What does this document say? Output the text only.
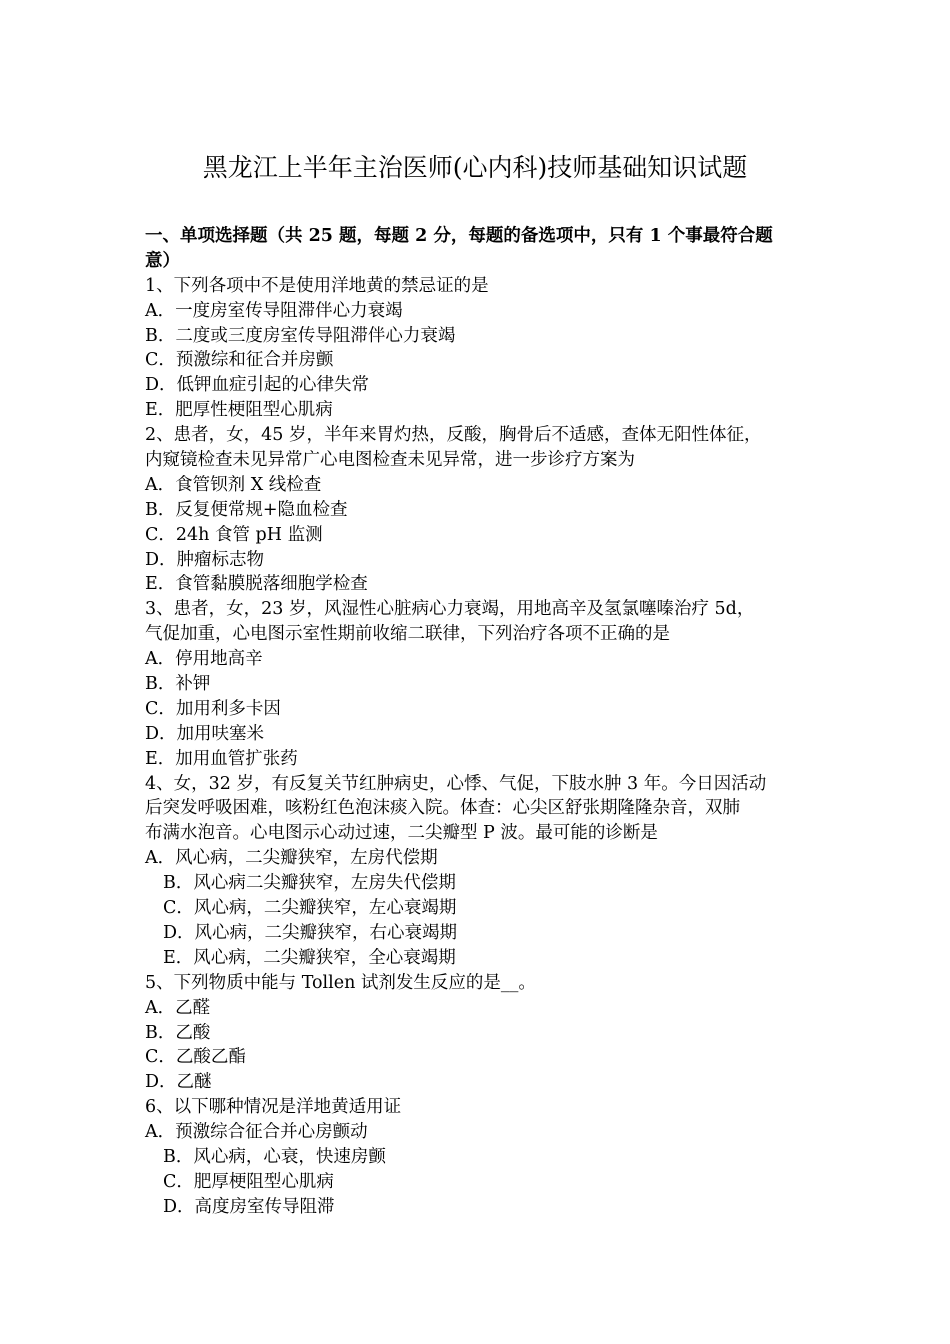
黑龙江上半年主治医师(心内科)技师基础知识试题
一、单项选择题（共 25 题，每题 2 分，每题的备选项中，只有 1 个事最符合题
意）
1、下列各项中不是使用洋地黄的禁忌证的是
A．一度房室传导阻滞伴心力衰竭
B．二度或三度房室传导阻滞伴心力衰竭
C．预激综和征合并房颤
D．低钾血症引起的心律失常
E．肥厚性梗阻型心肌病
2、患者，女，45 岁，半年来胃灼热，反酸，胸骨后不适感，查体无阳性体征，
内窥镜检查未见异常广心电图检查未见异常，进一步诊疗方案为
A．食管钡剂 X 线检查
B．反复便常规+隐血检查
C．24h 食管 pH 监测
D．肿瘤标志物
E．食管黏膜脱落细胞学检查
3、患者，女，23 岁，风湿性心脏病心力衰竭，用地高辛及氢氯噻嗪治疗 5d，
气促加重，心电图示室性期前收缩二联律，下列治疗各项不正确的是
A．停用地高辛
B．补钾
C．加用利多卡因
D．加用呋塞米
E．加用血管扩张药
4、女，32 岁，有反复关节红肿病史，心悸、气促，下肢水肿 3 年。今日因活动
后突发呼吸困难，咳粉红色泡沫痰入院。体查：心尖区舒张期隆隆杂音，双肺
布满水泡音。心电图示心动过速，二尖瓣型 P 波。最可能的诊断是
A．风心病，二尖瓣狭窄，左房代偿期
B．风心病二尖瓣狭窄，左房失代偿期
C．风心病，二尖瓣狭窄，左心衰竭期
D．风心病，二尖瓣狭窄，右心衰竭期
E．风心病，二尖瓣狭窄，全心衰竭期
5、下列物质中能与 Tollen 试剂发生反应的是__。
A．乙醛
B．乙酸
C．乙酸乙酯
D．乙醚
6、以下哪种情况是洋地黄适用证
A．预激综合征合并心房颤动
B．风心病，心衰，快速房颤
C．肥厚梗阻型心肌病
D．高度房室传导阻滞
